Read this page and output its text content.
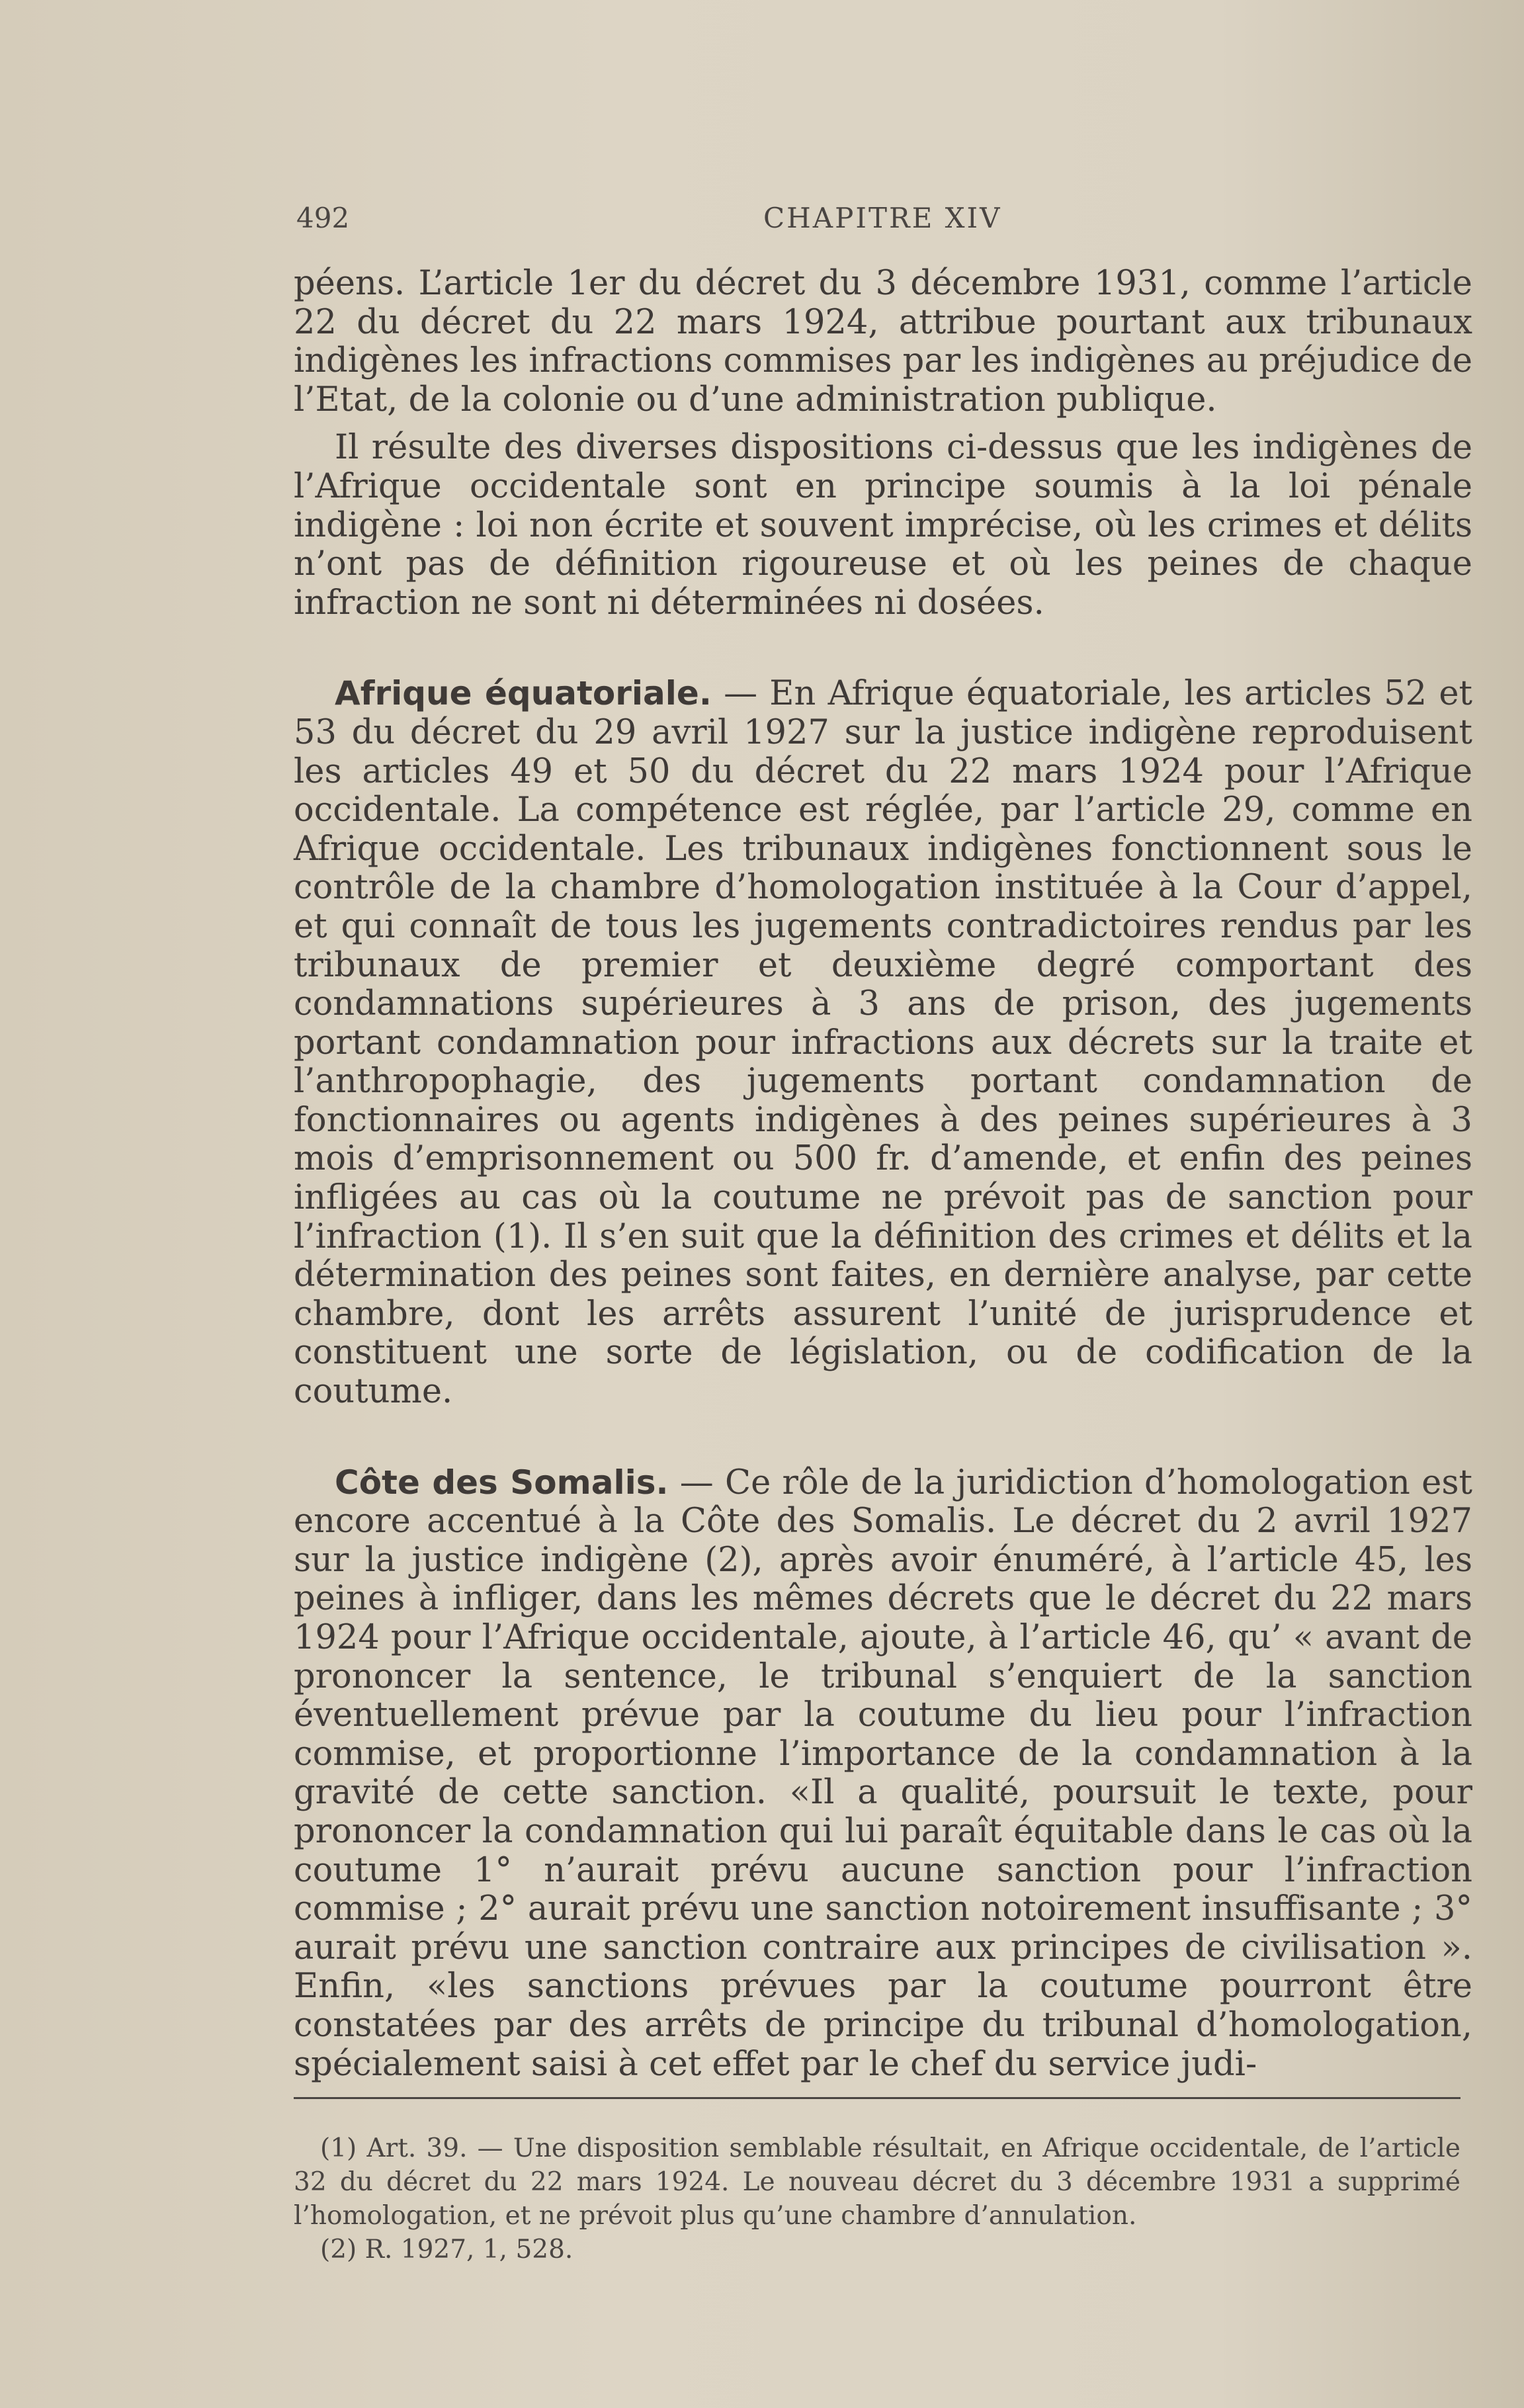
492	CHAPITRE XIV

péens. L’article 1er du décret du 3 décembre 1931, comme l’article 22 du décret du 22 mars 1924, attribue pourtant aux tribunaux indigènes les infractions commises par les indigènes au préjudice de l’Etat, de la colonie ou d’une administration publique.

Il résulte des diverses dispositions ci-dessus que les indigènes de l’Afrique occidentale sont en principe soumis à la loi pénale indigène : loi non écrite et souvent imprécise, où les crimes et délits n’ont pas de définition rigoureuse et où les peines de chaque infraction ne sont ni déterminées ni dosées.

Afrique équatoriale. — En Afrique équatoriale, les articles 52 et 53 du décret du 29 avril 1927 sur la justice indigène reproduisent les articles 49 et 50 du décret du 22 mars 1924 pour l’Afrique occidentale. La compétence est réglée, par l’article 29, comme en Afrique occidentale. Les tribunaux indigènes fonctionnent sous le contrôle de la chambre d’homologation instituée à la Cour d’appel, et qui connaît de tous les jugements contradictoires rendus par les tribunaux de premier et deuxième degré comportant des condamnations supérieures à 3 ans de prison, des jugements portant condamnation pour infractions aux décrets sur la traite et l’anthropophagie, des jugements portant condamnation de fonctionnaires ou agents indigènes à des peines supérieures à 3 mois d’emprisonnement ou 500 fr. d’amende, et enfin des peines infligées au cas où la coutume ne prévoit pas de sanction pour l’infraction (1). Il s’en suit que la définition des crimes et délits et la détermination des peines sont faites, en dernière analyse, par cette chambre, dont les arrêts assurent l’unité de jurisprudence et constituent une sorte de législation, ou de codification de la coutume.

Côte des Somalis. — Ce rôle de la juridiction d’homologation est encore accentué à la Côte des Somalis. Le décret du 2 avril 1927 sur la justice indigène (2), après avoir énuméré, à l’article 45, les peines à infliger, dans les mêmes décrets que le décret du 22 mars 1924 pour l’Afrique occidentale, ajoute, à l’article 46, qu’ « avant de prononcer la sentence, le tribunal s’enquiert de la sanction éventuellement prévue par la coutume du lieu pour l’infraction commise, et proportionne l’importance de la condamnation à la gravité de cette sanction. «Il a qualité, poursuit le texte, pour prononcer la condamnation qui lui paraît équitable dans le cas où la coutume 1° n’aurait prévu aucune sanction pour l’infraction commise ; 2° aurait prévu une sanction notoirement insuffisante ; 3° aurait prévu une sanction contraire aux principes de civilisation ». Enfin, «les sanctions prévues par la coutume pourront être constatées par des arrêts de principe du tribunal d’homologation, spécialement saisi à cet effet par le chef du service judi-

(1) Art. 39. — Une disposition semblable résultait, en Afrique occidentale, de l’article 32 du décret du 22 mars 1924. Le nouveau décret du 3 décembre 1931 a supprimé l’homologation, et ne prévoit plus qu’une chambre d’annulation.

(2) R. 1927, 1, 528.
